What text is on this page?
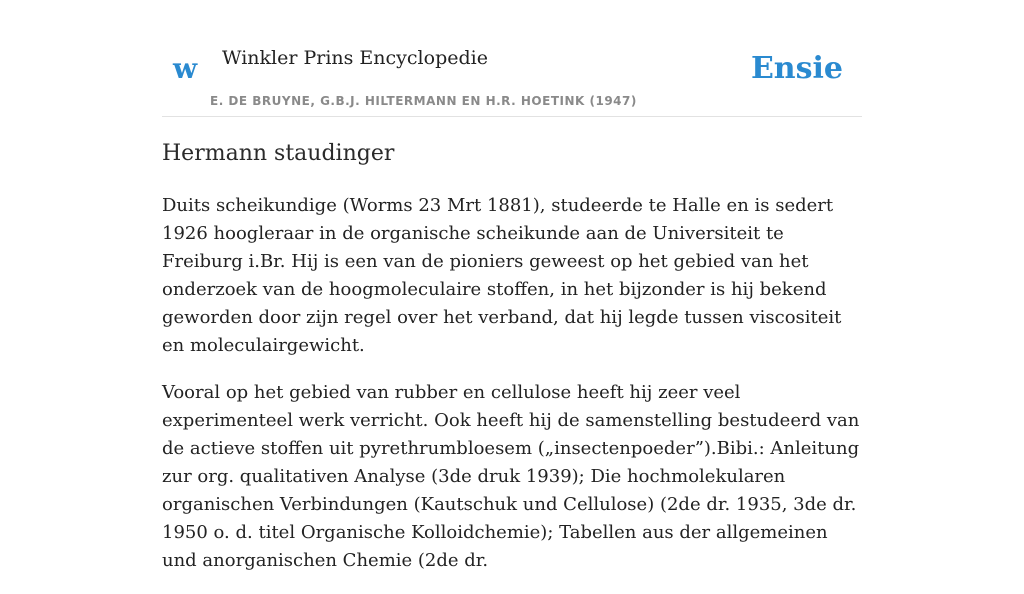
w Winkler Prins Encyclopedie
E. DE BRUYNE, G.B.J. HILTERMANN EN H.R. HOETINK (1947)
Ensie
Hermann staudinger

Duits scheikundige (Worms 23 Mrt 1881), studeerde te Halle en is sedert 1926 hoogleraar in de organische scheikunde aan de Universiteit te Freiburg i.Br. Hij is een van de pioniers geweest op het gebied van het onderzoek van de hoogmoleculaire stoffen, in het bijzonder is hij bekend geworden door zijn regel over het verband, dat hij legde tussen viscositeit en moleculairgewicht.

Vooral op het gebied van rubber en cellulose heeft hij zeer veel experimenteel werk verricht. Ook heeft hij de samenstelling bestudeerd van de actieve stoffen uit pyrethrumbloesem („insectenpoeder”).Bibi.: Anleitung zur org. qualitativen Analyse (3de druk 1939); Die hochmolekularen organischen Verbindungen (Kautschuk und Cellulose) (2de dr. 1935, 3de dr. 1950 o. d. titel Organische Kolloidchemie); Tabellen aus der allgemeinen und anorganischen Chemie (2de dr.
